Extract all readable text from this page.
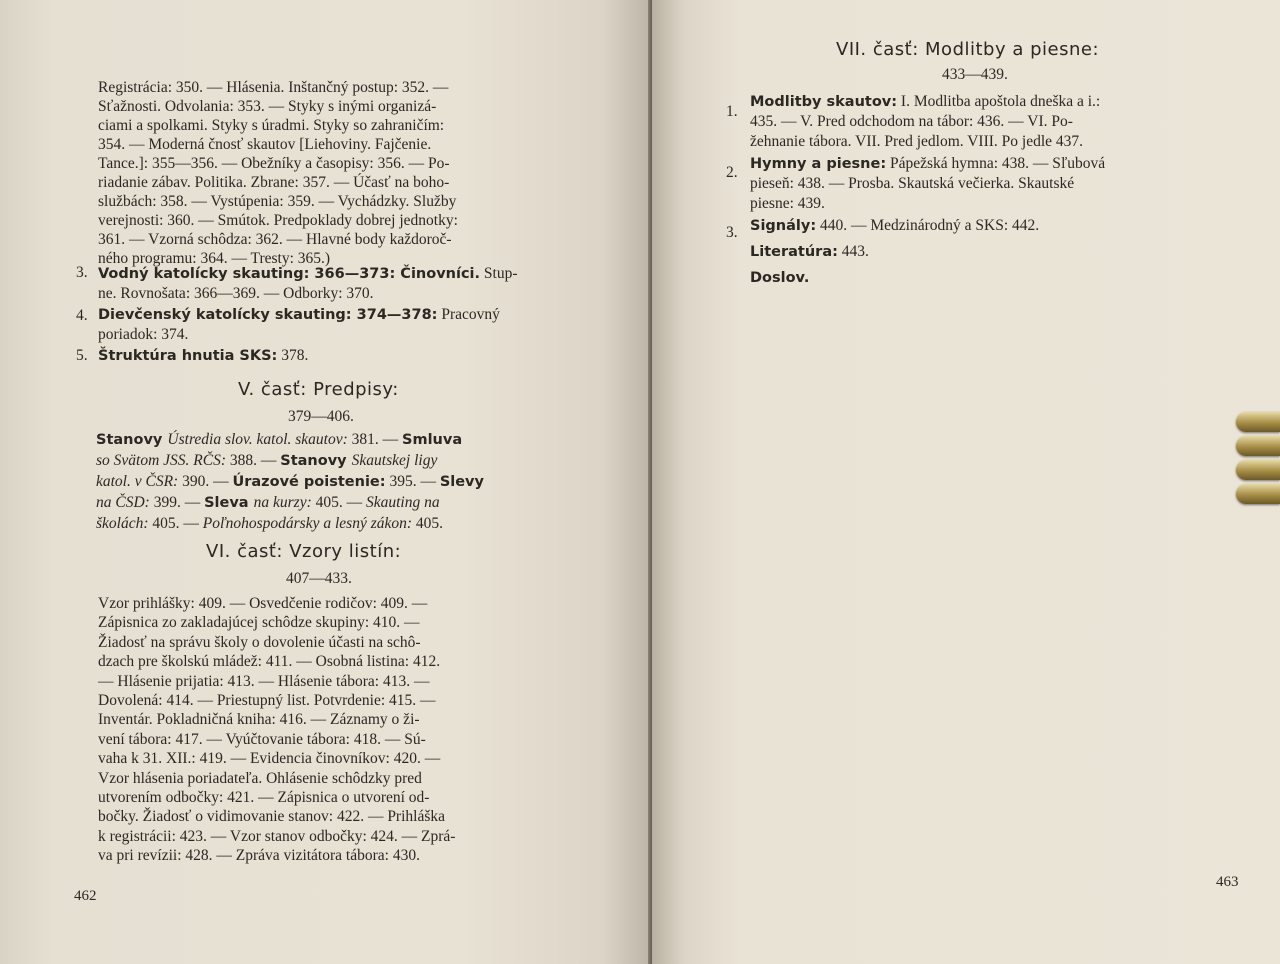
Registrácia: 350. — Hlásenia. Inštančný postup: 352. —
Sťažnosti. Odvolania: 353. — Styky s inými organizá-
ciami a spolkami. Styky s úradmi. Styky so zahraničím:
354. — Moderná čnosť skautov [Liehoviny. Fajčenie.
Tance.]: 355—356. — Obežníky a časopisy: 356. — Po-
riadanie zábav. Politika. Zbrane: 357. — Účasť na boho-
službách: 358. — Vystúpenia: 359. — Vychádzky. Služby
verejnosti: 360. — Smútok. Predpoklady dobrej jednotky:
361. — Vzorná schôdza: 362. — Hlavné body každoroč-
ného programu: 364. — Tresty: 365.)
3. Vodný katolícky skauting: 366—373: Činovníci. Stup-
ne. Rovnošata: 366—369. — Odborky: 370.
4. Dievčenský katolícky skauting: 374—378: Pracovný
poriadok: 374.
5. Štruktúra hnutia SKS: 378.
V. časť: Predpisy:
379—406.
Stanovy Ústredia slov. katol. skautov: 381. — Smluva
so Svätom JSS. RČS: 388. — Stanovy Skautskej ligy
katol. v ČSR: 390. — Úrazové poistenie: 395. — Slevy
na ČSD: 399. — Sleva na kurzy: 405. — Skauting na
školách: 405. — Poľnohospodársky a lesný zákon: 405.
VI. časť: Vzory listín:
407—433.
Vzor prihlášky: 409. — Osvedčenie rodičov: 409. —
Zápisnica zo zakladajúcej schôdze skupiny: 410. —
Žiadosť na správu školy o dovolenie účasti na schô-
dzach pre školskú mládež: 411. — Osobná listina: 412.
— Hlásenie prijatia: 413. — Hlásenie tábora: 413. —
Dovolená: 414. — Priestupný list. Potvrdenie: 415. —
Inventár. Pokladničná kniha: 416. — Záznamy o ži-
vení tábora: 417. — Vyúčtovanie tábora: 418. — Sú-
vaha k 31. XII.: 419. — Evidencia činovníkov: 420. —
Vzor hlásenia poriadateľa. Ohlásenie schôdzky pred
utvorením odbočky: 421. — Zápisnica o utvorení od-
bočky. Žiadosť o vidimovanie stanov: 422. — Prihláška
k registrácii: 423. — Vzor stanov odbočky: 424. — Zprá-
va pri revízii: 428. — Zpráva vizitátora tábora: 430.
462
VII. časť: Modlitby a piesne:
433—439.
1.
Modlitby skautov: I. Modlitba apoštola dneška a i.:
435. — V. Pred odchodom na tábor: 436. — VI. Po-
žehnanie tábora. VII. Pred jedlom. VIII. Po jedle 437.
2. Hymny a piesne: Pápežská hymna: 438. — Sľubová
pieseň: 438. — Prosba. Skautská večierka. Skautské
piesne: 439.
3. Signály: 440. — Medzinárodný a SKS: 442.
Literatúra: 443.
Doslov.
463
